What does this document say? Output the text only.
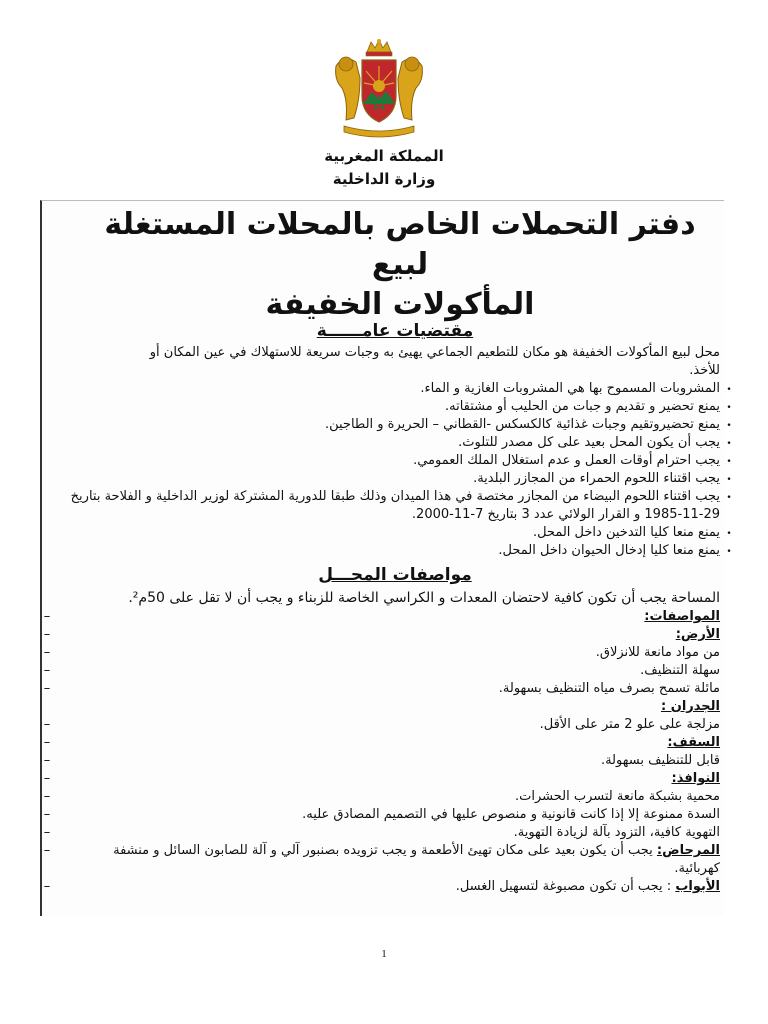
المملكة المغربية
وزارة الداخلية
دفتر التحملات الخاص بالمحلات المستغلة لبيع
المأكولات الخفيفة
مقتضيات عامــــــة
محل لبيع المأكولات الخفيفة هو مكان للتطعيم الجماعي يهيئ به وجبات سريعة للاستهلاك في عين المكان أو للأخذ.
•
المشروبات المسموح بها هي المشروبات الغازية و الماء.
•
يمنع تحضير و تقديم و جبات من الحليب أو مشتقاته.
•
يمنع تحضيروتقيم وجبات غذائية كالكسكس -القطاني – الحريرة و الطاجين.
•
يجب أن يكون المحل بعيد على كل مصدر للتلوث.
•
يجب احترام أوقات العمل و عدم استغلال الملك العمومي.
•
يجب اقتناء اللحوم الحمراء من المجازر البلدية.
•
يجب اقتناء اللحوم البيضاء من المجازر مختصة في هذا الميدان وذلك طبقا للدورية المشتركة لوزير الداخلية و الفلاحة بتاريخ 29-11-1985 و القرار الولائي عدد 3 بتاريخ 7-11-2000.
•
يمنع منعا كليا التدخين داخل المحل.
•
يمنع منعا كليا إدخال الحيوان داخل المحل.
مواصفات المحـــل
المساحة يجب أن تكون كافية لاحتضان المعدات و الكراسي الخاصة للزبناء و يجب أن لا تقل على 50م².
–	المواصفات:
–	الأرض:
–	من مواد مانعة للانزلاق.
–	سهلة التنظيف.
–	مائلة تسمح بصرف مياه التنظيف بسهولة.
الجدران :
–	مزلجة على علو 2 متر على الأقل.
–	السقف:
–	قابل للتنظيف بسهولة.
–	النوافذ:
–	محمية بشبكة مانعة لتسرب الحشرات.
–	السدة ممنوعة إلا إذا كانت قانونية و منصوص عليها في التصميم المصادق عليه.
–	التهوية كافية، التزود بآلة لزيادة التهوية.
–	المرحاض: يجب أن يكون بعيد على مكان تهيئ الأطعمة و يجب تزويده بصنبور آلي و آلة للصابون السائل و منشفة كهربائية.
–	الأبواب : يجب أن تكون مصبوغة لتسهيل الغسل.
1
